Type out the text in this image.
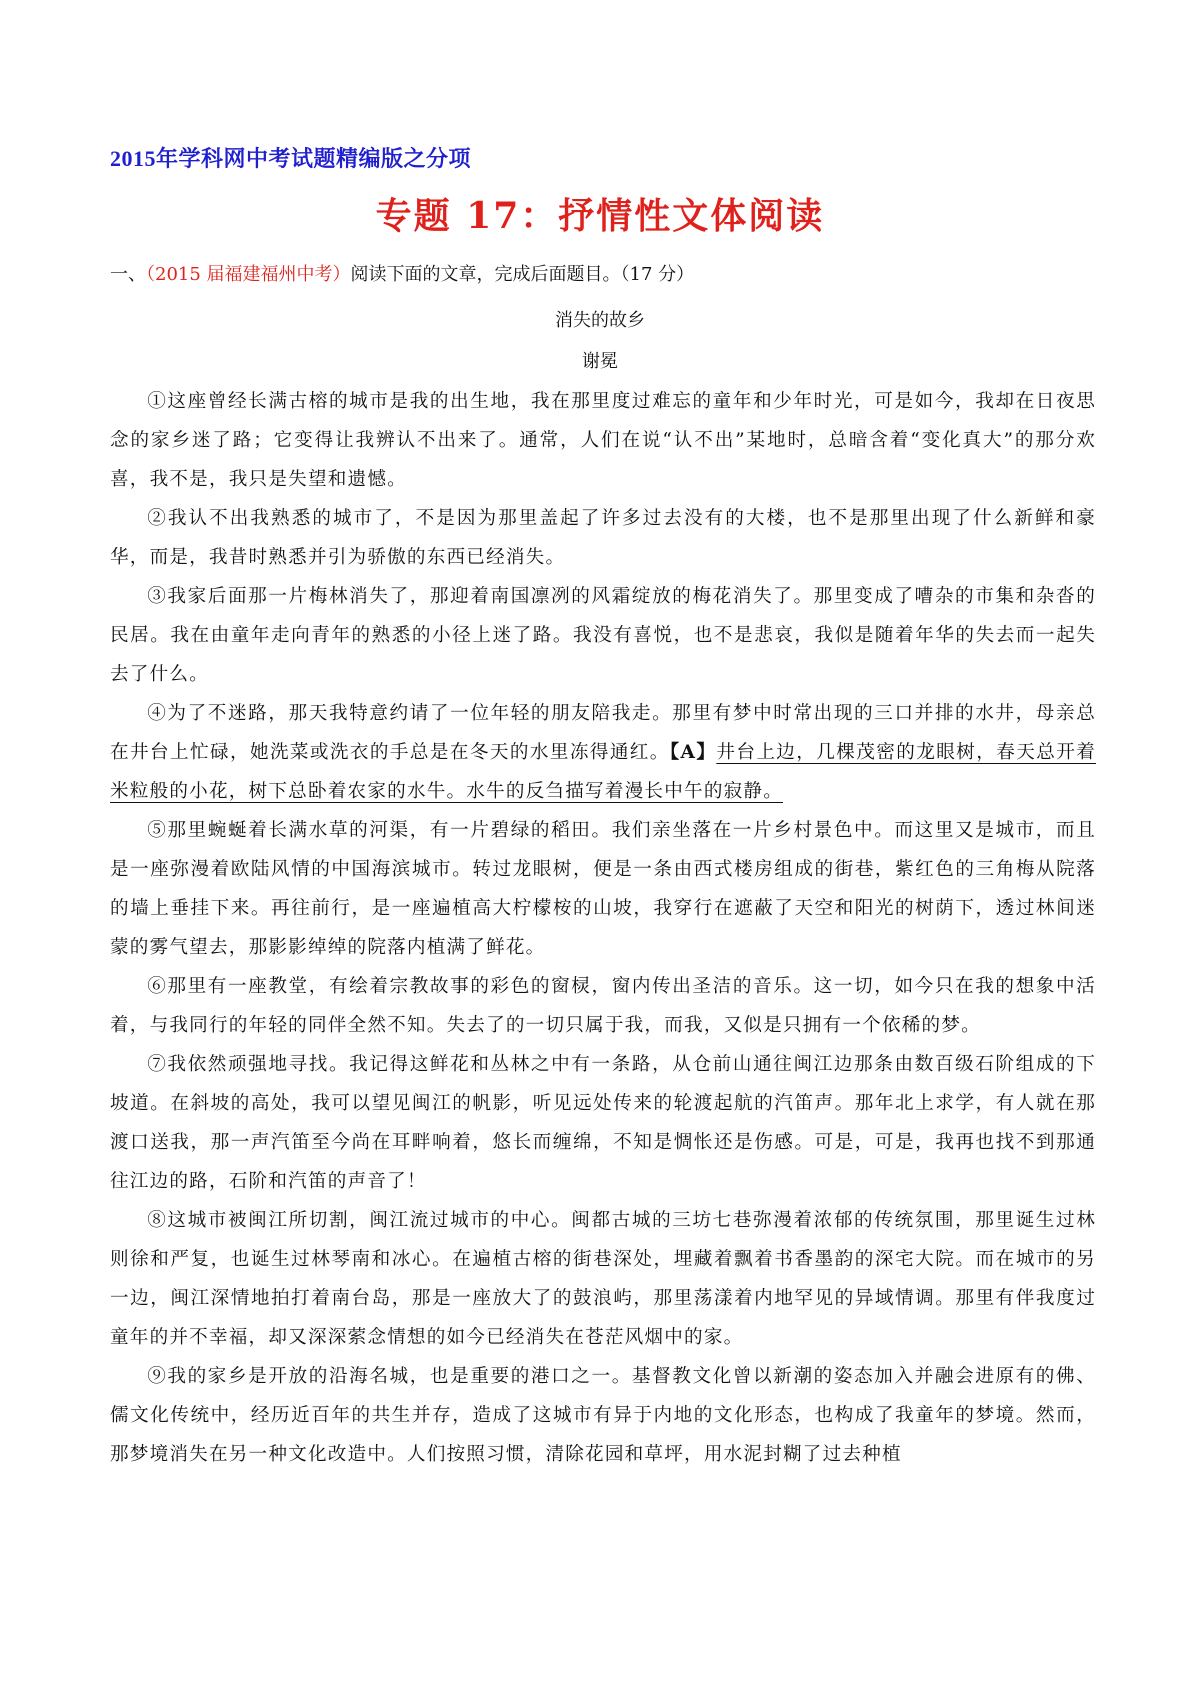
2015年学科网中考试题精编版之分项
专题 17：抒情性文体阅读
一、（2015 届福建福州中考）阅读下面的文章，完成后面题目。（17 分）
消失的故乡
谢冕

①这座曾经长满古榕的城市是我的出生地，我在那里度过难忘的童年和少年时光，可是如今，我却在日夜思念的家乡迷了路；它变得让我辨认不出来了。通常，人们在说“认不出”某地时，总暗含着“变化真大”的那分欢喜，我不是，我只是失望和遗憾。

②我认不出我熟悉的城市了，不是因为那里盖起了许多过去没有的大楼，也不是那里出现了什么新鲜和豪华，而是，我昔时熟悉并引为骄傲的东西已经消失。

③我家后面那一片梅林消失了，那迎着南国凛冽的风霜绽放的梅花消失了。那里变成了嘈杂的市集和杂沓的民居。我在由童年走向青年的熟悉的小径上迷了路。我没有喜悦，也不是悲哀，我似是随着年华的失去而一起失去了什么。

④为了不迷路，那天我特意约请了一位年轻的朋友陪我走。那里有梦中时常出现的三口并排的水井，母亲总在井台上忙碌，她洗菜或洗衣的手总是在冬天的水里冻得通红。【A】井台上边，几棵茂密的龙眼树，春天总开着米粒般的小花，树下总卧着农家的水牛。水牛的反刍描写着漫长中午的寂静。

⑤那里蜿蜒着长满水草的河渠，有一片碧绿的稻田。我们亲坐落在一片乡村景色中。而这里又是城市，而且是一座弥漫着欧陆风情的中国海滨城市。转过龙眼树，便是一条由西式楼房组成的街巷，紫红色的三角梅从院落的墙上垂挂下来。再往前行，是一座遍植高大柠檬桉的山坡，我穿行在遮蔽了天空和阳光的树荫下，透过林间迷蒙的雾气望去，那影影绰绰的院落内植满了鲜花。

⑥那里有一座教堂，有绘着宗教故事的彩色的窗棂，窗内传出圣洁的音乐。这一切，如今只在我的想象中活着，与我同行的年轻的同伴全然不知。失去了的一切只属于我，而我，又似是只拥有一个依稀的梦。

⑦我依然顽强地寻找。我记得这鲜花和丛林之中有一条路，从仓前山通往闽江边那条由数百级石阶组成的下坡道。在斜坡的高处，我可以望见闽江的帆影，听见远处传来的轮渡起航的汽笛声。那年北上求学，有人就在那渡口送我，那一声汽笛至今尚在耳畔响着，悠长而缠绵，不知是惆怅还是伤感。可是，可是，我再也找不到那通往江边的路，石阶和汽笛的声音了！

⑧这城市被闽江所切割，闽江流过城市的中心。闽都古城的三坊七巷弥漫着浓郁的传统氛围，那里诞生过林则徐和严复，也诞生过林琴南和冰心。在遍植古榕的街巷深处，埋藏着飘着书香墨韵的深宅大院。而在城市的另一边，闽江深情地拍打着南台岛，那是一座放大了的鼓浪屿，那里荡漾着内地罕见的异域情调。那里有伴我度过童年的并不幸福，却又深深萦念情想的如今已经消失在苍茫风烟中的家。

⑨我的家乡是开放的沿海名城，也是重要的港口之一。基督教文化曾以新潮的姿态加入并融会进原有的佛、儒文化传统中，经历近百年的共生并存，造成了这城市有异于内地的文化形态，也构成了我童年的梦境。然而，那梦境消失在另一种文化改造中。人们按照习惯，清除花园和草坪，用水泥封糊了过去种植
